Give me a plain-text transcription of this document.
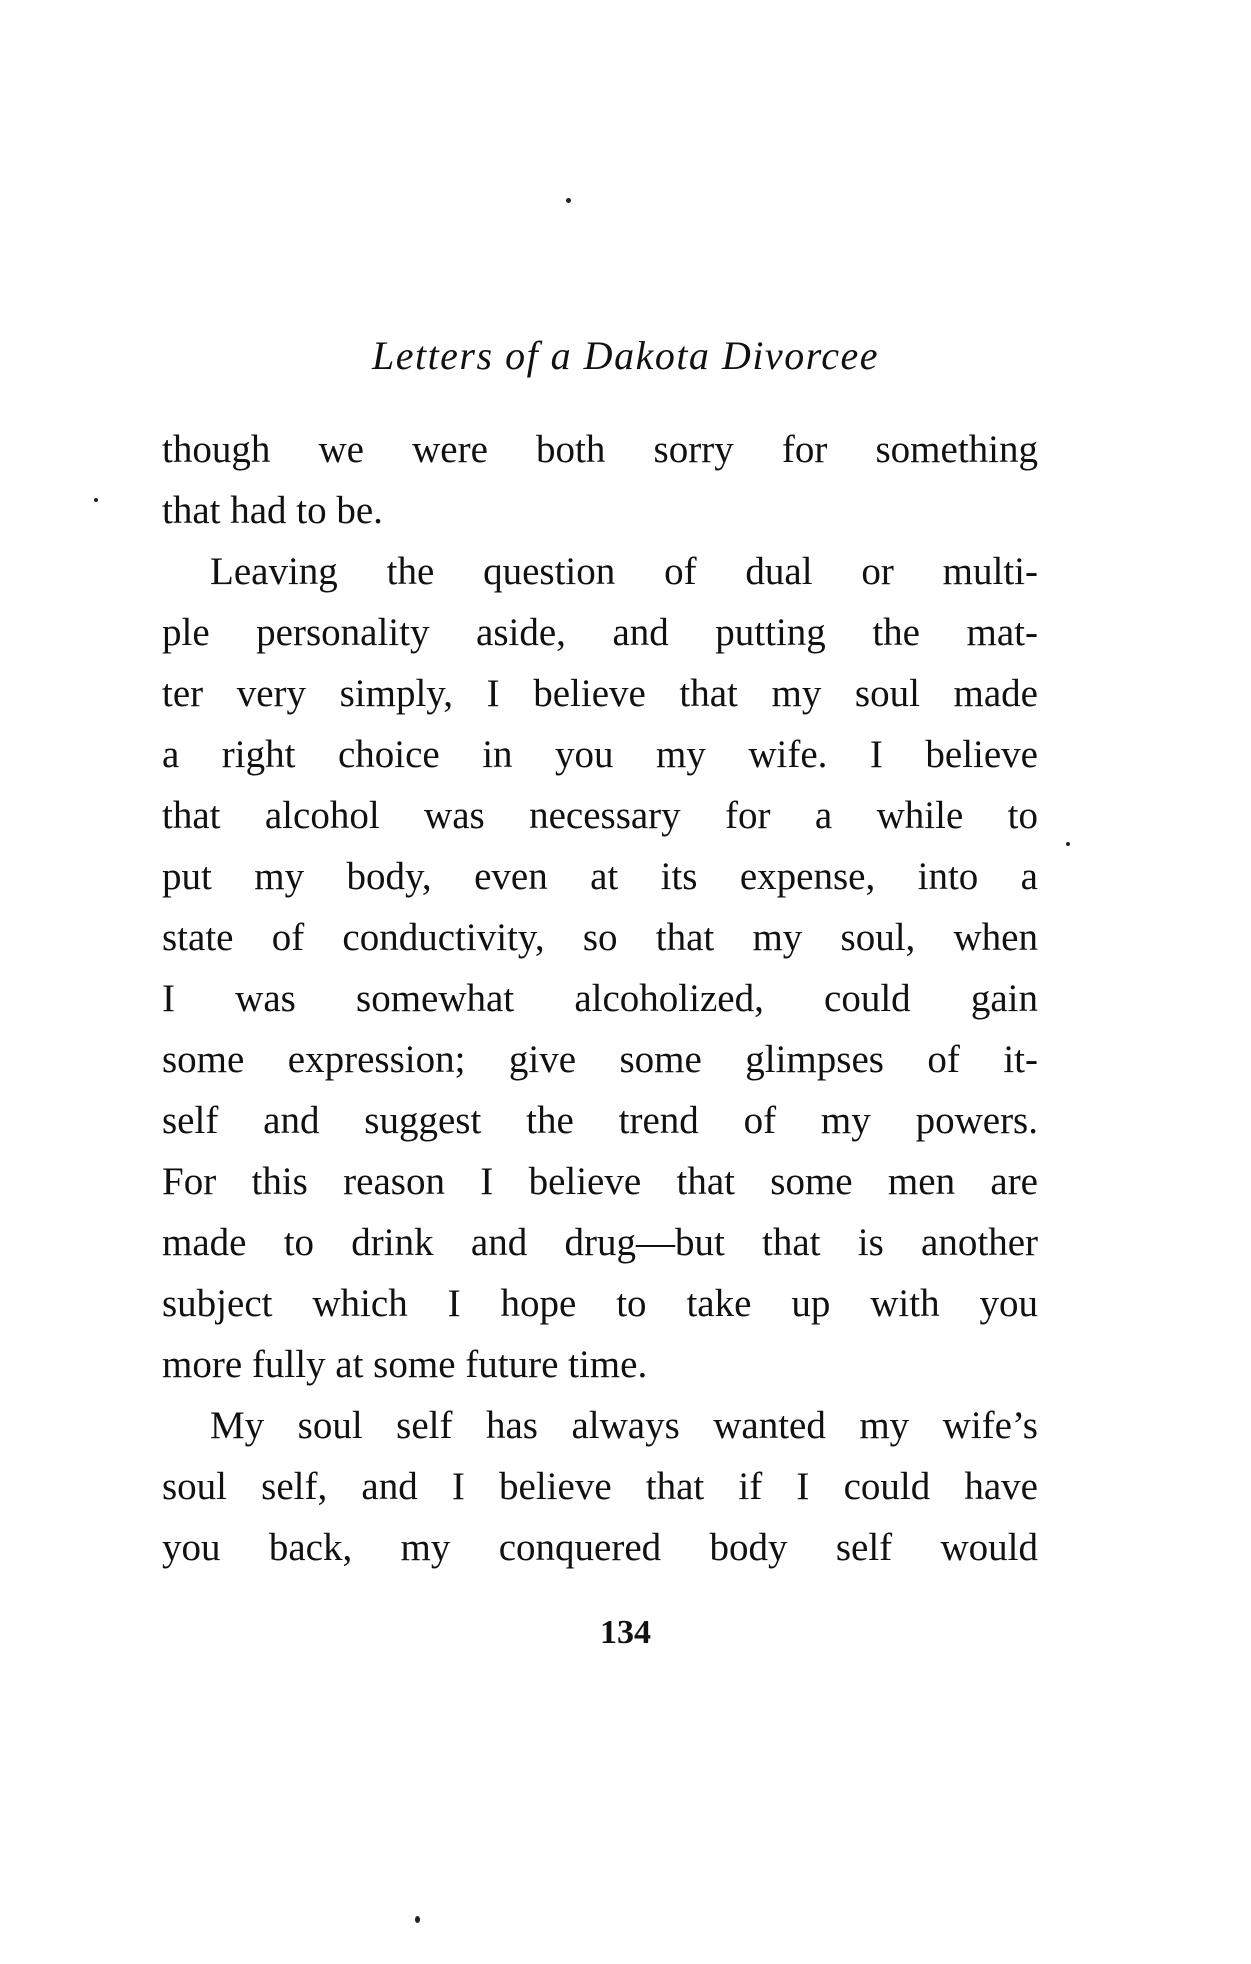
Letters of a Dakota Divorcee
though we were both sorry for something
that had to be.
Leaving the question of dual or multi-
ple personality aside, and putting the mat-
ter very simply, I believe that my soul made
a right choice in you my wife. I believe
that alcohol was necessary for a while to
put my body, even at its expense, into a
state of conductivity, so that my soul, when
I was somewhat alcoholized, could gain
some expression; give some glimpses of it-
self and suggest the trend of my powers.
For this reason I believe that some men are
made to drink and drug—but that is another
subject which I hope to take up with you
more fully at some future time.
My soul self has always wanted my wife’s
soul self, and I believe that if I could have
you back, my conquered body self would
134
